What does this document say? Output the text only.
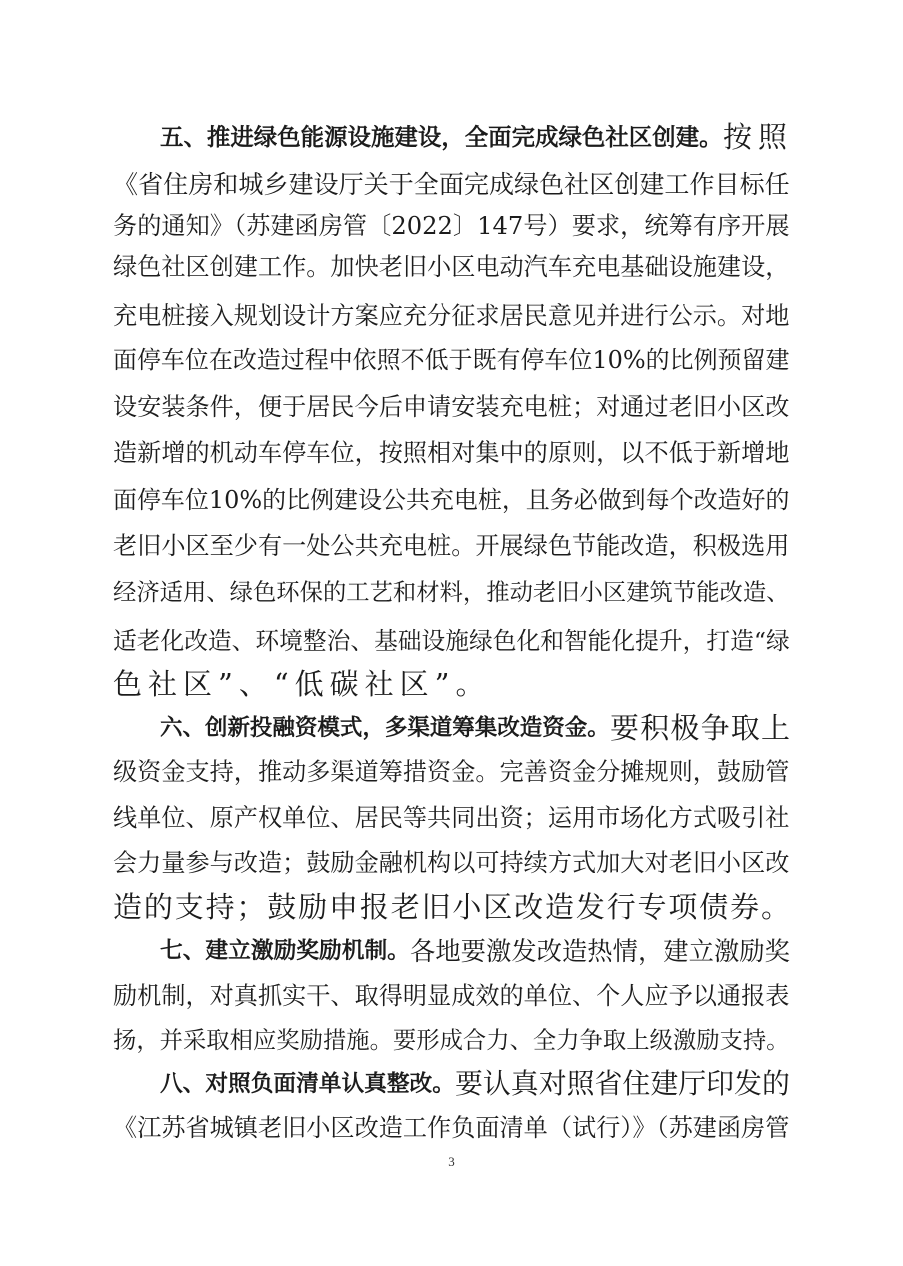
五、推进绿色能源设施建设，全面完成绿色社区创建。 按照
《省住房和城乡建设厅关于全面完成绿色社区创建工作目标任
务的通知》（苏建函房管〔2022〕147号）要求，统筹有序开展
绿色社区创建工作。加快老旧小区电动汽车充电基础设施建设，
充电桩接入规划设计方案应充分征求居民意见并进行公示。对地
面停车位在改造过程中依照不低于既有停车位10%的比例预留建
设安装条件，便于居民今后申请安装充电桩；对通过老旧小区改
造新增的机动车停车位，按照相对集中的原则，以不低于新增地
面停车位10%的比例建设公共充电桩，且务必做到每个改造好的
老旧小区至少有一处公共充电桩。开展绿色节能改造，积极选用
经济适用、绿色环保的工艺和材料，推动老旧小区建筑节能改造、
适老化改造、环境整治、基础设施绿色化和智能化提升，打造“绿
色社区”、“低碳社区”。
六、创新投融资模式，多渠道筹集改造资金。 要积极争取上
级资金支持，推动多渠道筹措资金。完善资金分摊规则，鼓励管
线单位、原产权单位、居民等共同出资；运用市场化方式吸引社
会力量参与改造；鼓励金融机构以可持续方式加大对老旧小区改
造的支持；鼓励申报老旧小区改造发行专项债券。
七、建立激励奖励机制。 各地要激发改造热情，建立激励奖
励机制，对真抓实干、取得明显成效的单位、个人应予以通报表
扬，并采取相应奖励措施。要形成合力、全力争取上级激励支持。
八、对照负面清单认真整改。 要认真对照省住建厅印发的
《江苏省城镇老旧小区改造工作负面清单（试行）》（苏建函房管
3
